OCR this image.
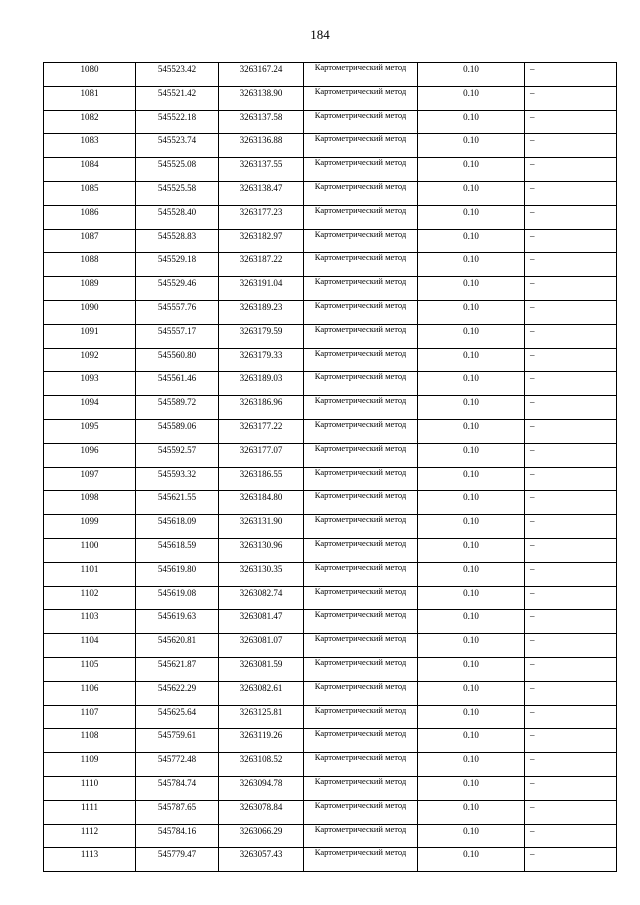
184
1080	545523.42	3263167.24	Картометрический метод	0.10	–
1081	545521.42	3263138.90	Картометрический метод	0.10	–
1082	545522.18	3263137.58	Картометрический метод	0.10	–
1083	545523.74	3263136.88	Картометрический метод	0.10	–
1084	545525.08	3263137.55	Картометрический метод	0.10	–
1085	545525.58	3263138.47	Картометрический метод	0.10	–
1086	545528.40	3263177.23	Картометрический метод	0.10	–
1087	545528.83	3263182.97	Картометрический метод	0.10	–
1088	545529.18	3263187.22	Картометрический метод	0.10	–
1089	545529.46	3263191.04	Картометрический метод	0.10	–
1090	545557.76	3263189.23	Картометрический метод	0.10	–
1091	545557.17	3263179.59	Картометрический метод	0.10	–
1092	545560.80	3263179.33	Картометрический метод	0.10	–
1093	545561.46	3263189.03	Картометрический метод	0.10	–
1094	545589.72	3263186.96	Картометрический метод	0.10	–
1095	545589.06	3263177.22	Картометрический метод	0.10	–
1096	545592.57	3263177.07	Картометрический метод	0.10	–
1097	545593.32	3263186.55	Картометрический метод	0.10	–
1098	545621.55	3263184.80	Картометрический метод	0.10	–
1099	545618.09	3263131.90	Картометрический метод	0.10	–
1100	545618.59	3263130.96	Картометрический метод	0.10	–
1101	545619.80	3263130.35	Картометрический метод	0.10	–
1102	545619.08	3263082.74	Картометрический метод	0.10	–
1103	545619.63	3263081.47	Картометрический метод	0.10	–
1104	545620.81	3263081.07	Картометрический метод	0.10	–
1105	545621.87	3263081.59	Картометрический метод	0.10	–
1106	545622.29	3263082.61	Картометрический метод	0.10	–
1107	545625.64	3263125.81	Картометрический метод	0.10	–
1108	545759.61	3263119.26	Картометрический метод	0.10	–
1109	545772.48	3263108.52	Картометрический метод	0.10	–
1110	545784.74	3263094.78	Картометрический метод	0.10	–
1111	545787.65	3263078.84	Картометрический метод	0.10	–
1112	545784.16	3263066.29	Картометрический метод	0.10	–
1113	545779.47	3263057.43	Картометрический метод	0.10	–
